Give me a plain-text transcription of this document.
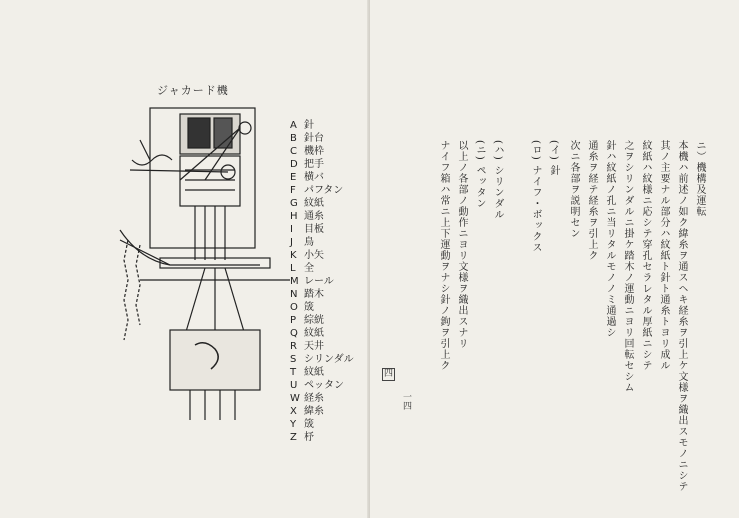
ジャカード機
A 針
B 針台
C 機枠
D 把手
E 横バ
F パフタン
G 紋紙
H 通糸
I 目板
J 鳥
K 小矢
L 全
M レール
N 踏木
O 筬
P 綜絖
Q 紋紙
R 天井
S シリンダル
T 紋紙
U ペッタン
W 経糸
X 緯糸
Y 筬
Z 杼
ニ）機構及運転
本機ハ前述ノ如ク緯糸ヲ通スヘキ経糸ヲ引上ケ文様ヲ織出スモノニシテ
其ノ主要ナル部分ハ紋紙ト針ト通糸トヨリ成ル
紋紙ハ紋様ニ応シテ穿孔セラレタル厚紙ニシテ
之ヲシリンダルニ掛ケ踏木ノ運動ニヨリ回転セシム
針ハ紋紙ノ孔ニ当リタルモノノミ通過シ
通糸ヲ経テ経糸ヲ引上ク
次ニ各部ヲ説明セン
(イ) 針
(ロ) ナイフ・ボックス
(ハ) シリンダル
(ニ) ペッタン
以上ノ各部ノ動作ニヨリ文様ヲ織出スナリ
ナイフ箱ハ常ニ上下運動ヲナシ針ノ鉤ヲ引上ク
四
一四
